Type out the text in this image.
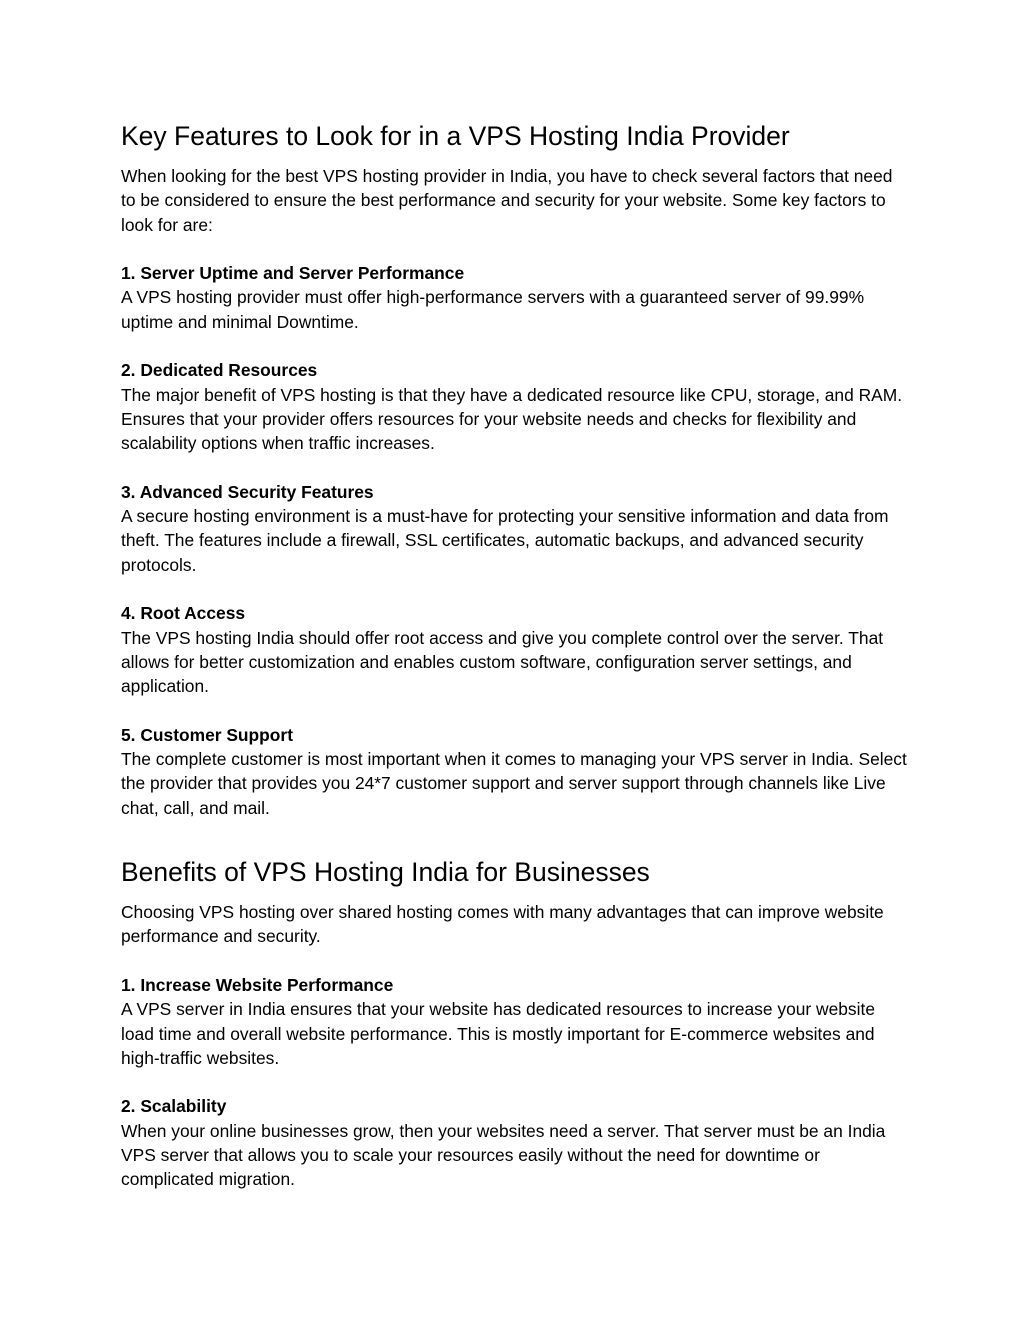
Key Features to Look for in a VPS Hosting India Provider

When looking for the best VPS hosting provider in India, you have to check several factors that need to be considered to ensure the best performance and security for your website. Some key factors to look for are:

1. Server Uptime and Server Performance

A VPS hosting provider must offer high-performance servers with a guaranteed server of 99.99% uptime and minimal Downtime.

2. Dedicated Resources

The major benefit of VPS hosting is that they have a dedicated resource like CPU, storage, and RAM. Ensures that your provider offers resources for your website needs and checks for flexibility and scalability options when traffic increases.

3. Advanced Security Features

A secure hosting environment is a must-have for protecting your sensitive information and data from theft. The features include a firewall, SSL certificates, automatic backups, and advanced security protocols.

4. Root Access

The VPS hosting India should offer root access and give you complete control over the server. That allows for better customization and enables custom software, configuration server settings, and application.

5. Customer Support

The complete customer is most important when it comes to managing your VPS server in India. Select the provider that provides you 24*7 customer support and server support through channels like Live chat, call, and mail.

Benefits of VPS Hosting India for Businesses

Choosing VPS hosting over shared hosting comes with many advantages that can improve website performance and security.

1. Increase Website Performance

A VPS server in India ensures that your website has dedicated resources to increase your website load time and overall website performance. This is mostly important for E-commerce websites and high-traffic websites.

2. Scalability

When your online businesses grow, then your websites need a server. That server must be an India VPS server that allows you to scale your resources easily without the need for downtime or complicated migration.
